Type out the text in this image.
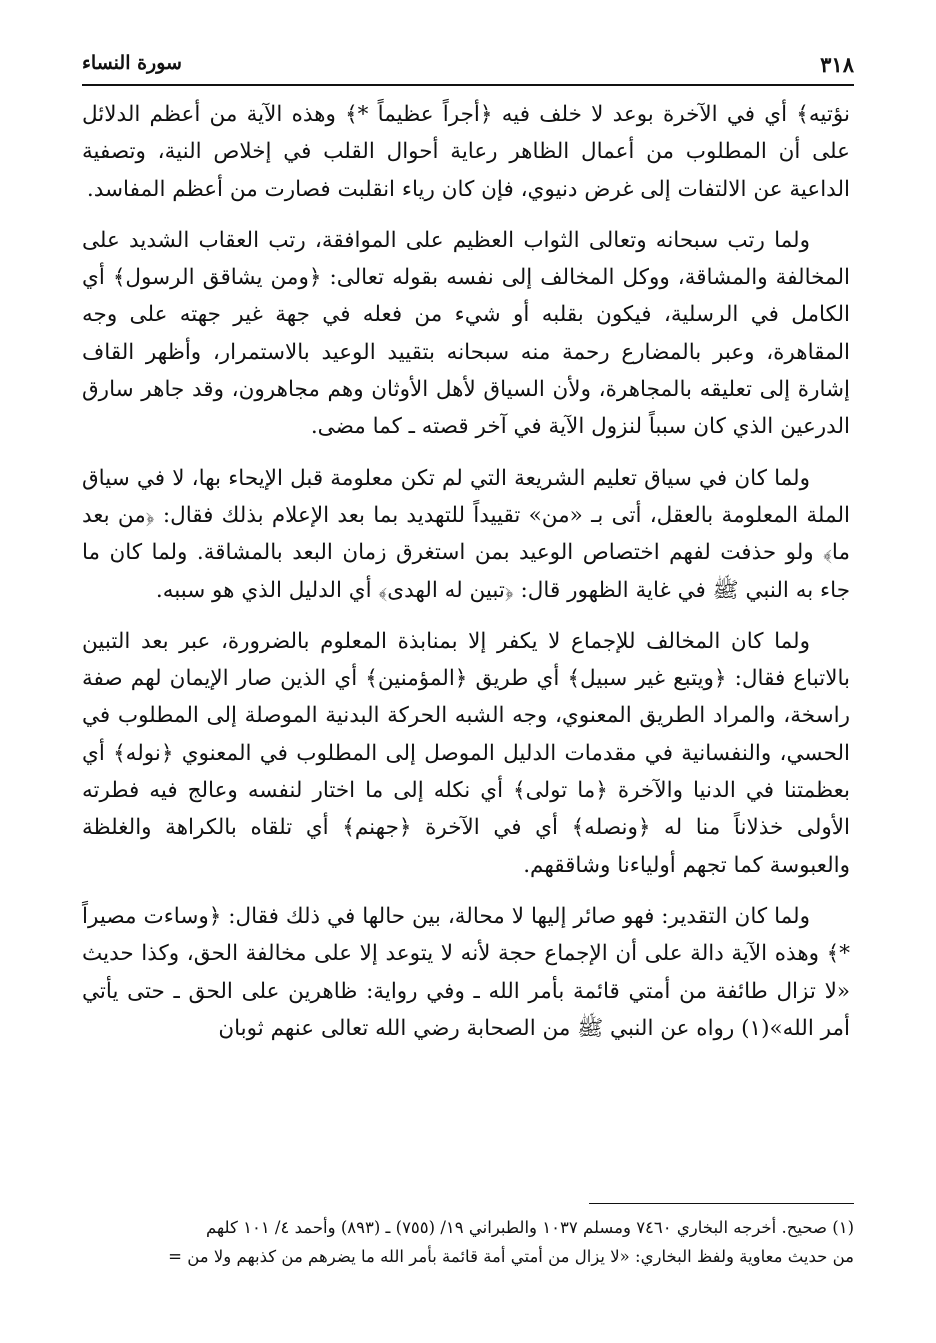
٣١٨
سورة النساء

نؤتيه﴾ أي في الآخرة بوعد لا خلف فيه ﴿أجراً عظيماً *﴾ وهذه الآية من أعظم الدلائل على أن المطلوب من أعمال الظاهر رعاية أحوال القلب في إخلاص النية، وتصفية الداعية عن الالتفات إلى غرض دنيوي، فإن كان رياء انقلبت فصارت من أعظم المفاسد.

ولما رتب سبحانه وتعالى الثواب العظيم على الموافقة، رتب العقاب الشديد على المخالفة والمشاقة، ووكل المخالف إلى نفسه بقوله تعالى: ﴿ومن يشاقق الرسول﴾ أي الكامل في الرسلية، فيكون بقلبه أو شيء من فعله في جهة غير جهته على وجه المقاهرة، وعبر بالمضارع رحمة منه سبحانه بتقييد الوعيد بالاستمرار، وأظهر القاف إشارة إلى تعليقه بالمجاهرة، ولأن السياق لأهل الأوثان وهم مجاهرون، وقد جاهر سارق الدرعين الذي كان سبباً لنزول الآية في آخر قصته ـ كما مضى.

ولما كان في سياق تعليم الشريعة التي لم تكن معلومة قبل الإيحاء بها، لا في سياق الملة المعلومة بالعقل، أتى بـ «من» تقييداً للتهديد بما بعد الإعلام بذلك فقال: ﴿من بعد ما﴾ ولو حذفت لفهم اختصاص الوعيد بمن استغرق زمان البعد بالمشاقة. ولما كان ما جاء به النبي ﷺ في غاية الظهور قال: ﴿تبين له الهدى﴾ أي الدليل الذي هو سببه.

ولما كان المخالف للإجماع لا يكفر إلا بمنابذة المعلوم بالضرورة، عبر بعد التبين بالاتباع فقال: ﴿ويتبع غير سبيل﴾ أي طريق ﴿المؤمنين﴾ أي الذين صار الإيمان لهم صفة راسخة، والمراد الطريق المعنوي، وجه الشبه الحركة البدنية الموصلة إلى المطلوب في الحسي، والنفسانية في مقدمات الدليل الموصل إلى المطلوب في المعنوي ﴿نوله﴾ أي بعظمتنا في الدنيا والآخرة ﴿ما تولى﴾ أي نكله إلى ما اختار لنفسه وعالج فيه فطرته الأولى خذلاناً منا له ﴿ونصله﴾ أي في الآخرة ﴿جهنم﴾ أي تلقاه بالكراهة والغلظة والعبوسة كما تجهم أولياءنا وشاققهم.

ولما كان التقدير: فهو صائر إليها لا محالة، بين حالها في ذلك فقال: ﴿وساءت مصيراً *﴾ وهذه الآية دالة على أن الإجماع حجة لأنه لا يتوعد إلا على مخالفة الحق، وكذا حديث «لا تزال طائفة من أمتي قائمة بأمر الله ـ وفي رواية: ظاهرين على الحق ـ حتى يأتي أمر الله»(١) رواه عن النبي ﷺ من الصحابة رضي الله تعالى عنهم ثوبان

(١) صحيح. أخرجه البخاري ٧٤٦٠ ومسلم ١٠٣٧ والطبراني ١٩/ (٧٥٥) ـ (٨٩٣) وأحمد ٤/ ١٠١ كلهم

من حديث معاوية ولفظ البخاري: «لا يزال من أمتي أمة قائمة بأمر الله ما يضرهم من كذبهم ولا من =
